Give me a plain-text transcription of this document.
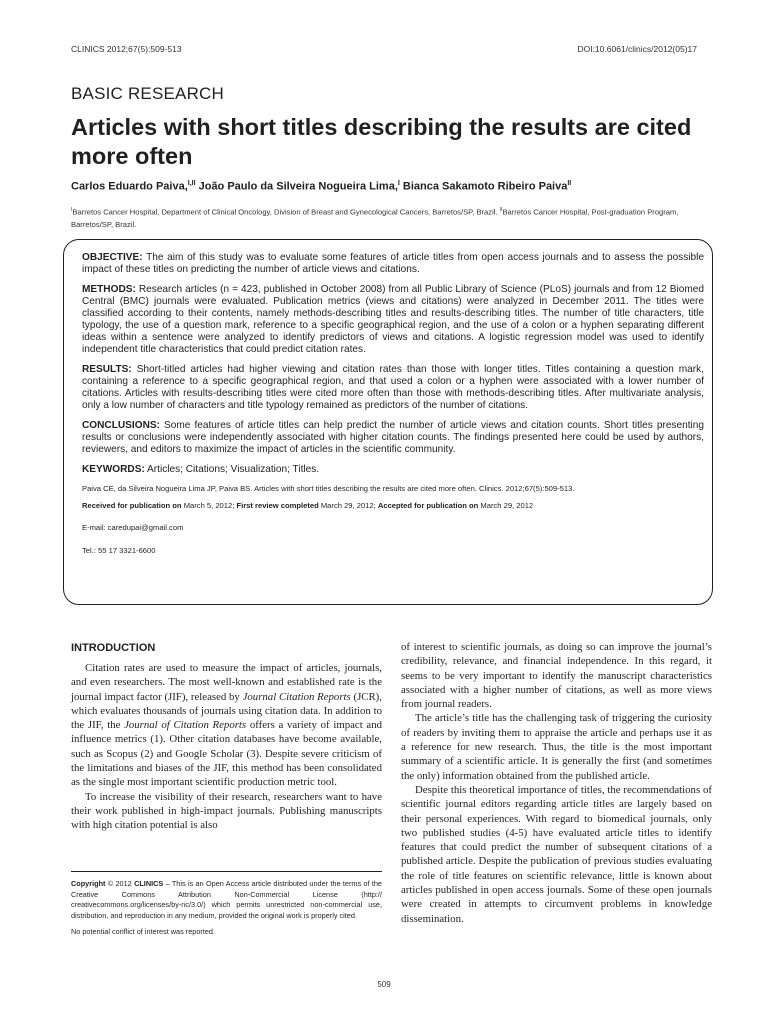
CLINICS 2012;67(5):509-513	DOI:10.6061/clinics/2012(05)17
BASIC RESEARCH
Articles with short titles describing the results are cited more often
Carlos Eduardo Paiva,$^{I,II}$ João Paulo da Silveira Nogueira Lima,$^I$ Bianca Sakamoto Ribeiro Paiva$^{II}$
$^I$Barretos Cancer Hospital, Department of Clinical Oncology, Division of Breast and Gynecological Cancers, Barretos/SP, Brazil. $^{II}$Barretos Cancer Hospital, Post-graduation Program, Barretos/SP, Brazil.

OBJECTIVE: The aim of this study was to evaluate some features of article titles from open access journals and to assess the possible impact of these titles on predicting the number of article views and citations.

METHODS: Research articles (n = 423, published in October 2008) from all Public Library of Science (PLoS) journals and from 12 Biomed Central (BMC) journals were evaluated. Publication metrics (views and citations) were analyzed in December 2011. The titles were classified according to their contents, namely methods-describing titles and results-describing titles. The number of title characters, title typology, the use of a question mark, reference to a specific geographical region, and the use of a colon or a hyphen separating different ideas within a sentence were analyzed to identify predictors of views and citations. A logistic regression model was used to identify independent title characteristics that could predict citation rates.

RESULTS: Short-titled articles had higher viewing and citation rates than those with longer titles. Titles containing a question mark, containing a reference to a specific geographical region, and that used a colon or a hyphen were associated with a lower number of citations. Articles with results-describing titles were cited more often than those with methods-describing titles. After multivariate analysis, only a low number of characters and title typology remained as predictors of the number of citations.

CONCLUSIONS: Some features of article titles can help predict the number of article views and citation counts. Short titles presenting results or conclusions were independently associated with higher citation counts. The findings presented here could be used by authors, reviewers, and editors to maximize the impact of articles in the scientific community.

KEYWORDS: Articles; Citations; Visualization; Titles.

Paiva CE, da Silveira Nogueira Lima JP, Paiva BS. Articles with short titles describing the results are cited more often. Clinics. 2012;67(5):509-513.

Received for publication on March 5, 2012; First review completed March 29, 2012; Accepted for publication on March 29, 2012

E-mail: caredupai@gmail.com

Tel.: 55 17 3321-6600

INTRODUCTION

Citation rates are used to measure the impact of articles, journals, and even researchers. The most well-known and established rate is the journal impact factor (JIF), released by Journal Citation Reports (JCR), which evaluates thousands of journals using citation data. In addition to the JIF, the Journal of Citation Reports offers a variety of impact and influence metrics (1). Other citation databases have become available, such as Scopus (2) and Google Scholar (3). Despite severe criticism of the limitations and biases of the JIF, this method has been consolidated as the single most important scientific production metric tool.

To increase the visibility of their research, researchers want to have their work published in high-impact journals. Publishing manuscripts with high citation potential is also

of interest to scientific journals, as doing so can improve the journal’s credibility, relevance, and financial independence. In this regard, it seems to be very important to identify the manuscript characteristics associated with a higher number of citations, as well as more views from journal readers.

The article’s title has the challenging task of triggering the curiosity of readers by inviting them to appraise the article and perhaps use it as a reference for new research. Thus, the title is the most important summary of a scientific article. It is generally the first (and sometimes the only) information obtained from the published article.

Despite this theoretical importance of titles, the recommendations of scientific journal editors regarding article titles are largely based on their personal experiences. With regard to biomedical journals, only two published studies (4-5) have evaluated article titles to identify features that could predict the number of subsequent citations of a published article. Despite the publication of previous studies evaluating the role of title features on scientific relevance, little is known about articles published in open access journals. Some of these open journals were created in attempts to circumvent problems in knowledge dissemination.

Copyright © 2012 CLINICS – This is an Open Access article distributed under the terms of the Creative Commons Attribution Non-Commercial License (http:// creativecommons.org/licenses/by-nc/3.0/) which permits unrestricted non-commercial use, distribution, and reproduction in any medium, provided the original work is properly cited.

No potential conflict of interest was reported.

509
